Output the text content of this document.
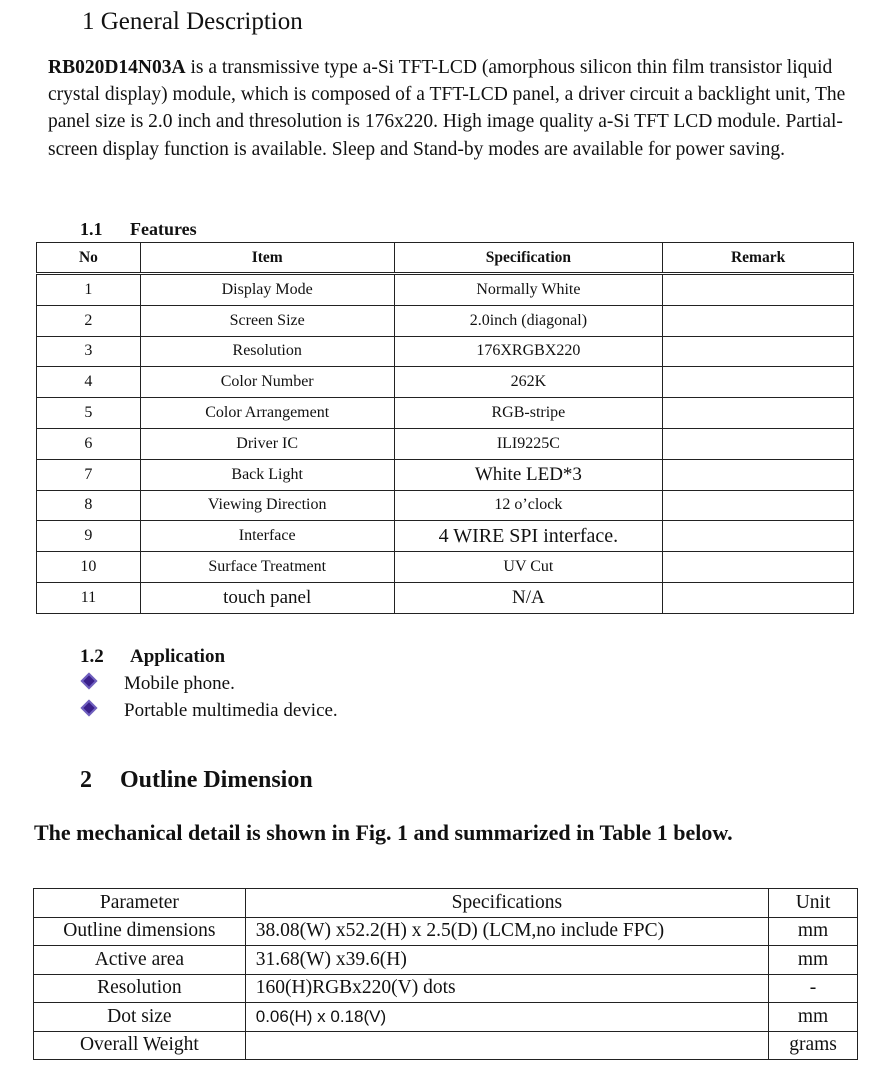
1 General Description
RB020D14N03A is a transmissive type a-Si TFT-LCD (amorphous silicon thin film transistor liquid crystal display) module, which is composed of a TFT-LCD panel, a driver circuit a backlight unit, The panel size is 2.0 inch and thresolution is 176x220. High image quality a-Si TFT LCD module. Partial-screen display function is available. Sleep and Stand-by modes are available for power saving.
1.1 Features
No	Item	Specification	Remark
1	Display Mode	Normally White	
2	Screen Size	2.0inch (diagonal)	
3	Resolution	176XRGBX220	
4	Color Number	262K	
5	Color Arrangement	RGB-stripe	
6	Driver IC	ILI9225C	
7	Back Light	White LED*3	
8	Viewing Direction	12 o’clock	
9	Interface	4 WIRE SPI interface.	
10	Surface Treatment	UV Cut	
11	touch panel	N/A	
1.2 Application
Mobile phone.
Portable multimedia device.
2 Outline Dimension
The mechanical detail is shown in Fig. 1 and summarized in Table 1 below.
Parameter	Specifications	Unit
Outline dimensions	38.08(W) x52.2(H) x 2.5(D) (LCM,no include FPC)	mm
Active area	31.68(W) x39.6(H)	mm
Resolution	160(H)RGBx220(V) dots	-
Dot size	0.06(H) x 0.18(V)	mm
Overall Weight		grams
